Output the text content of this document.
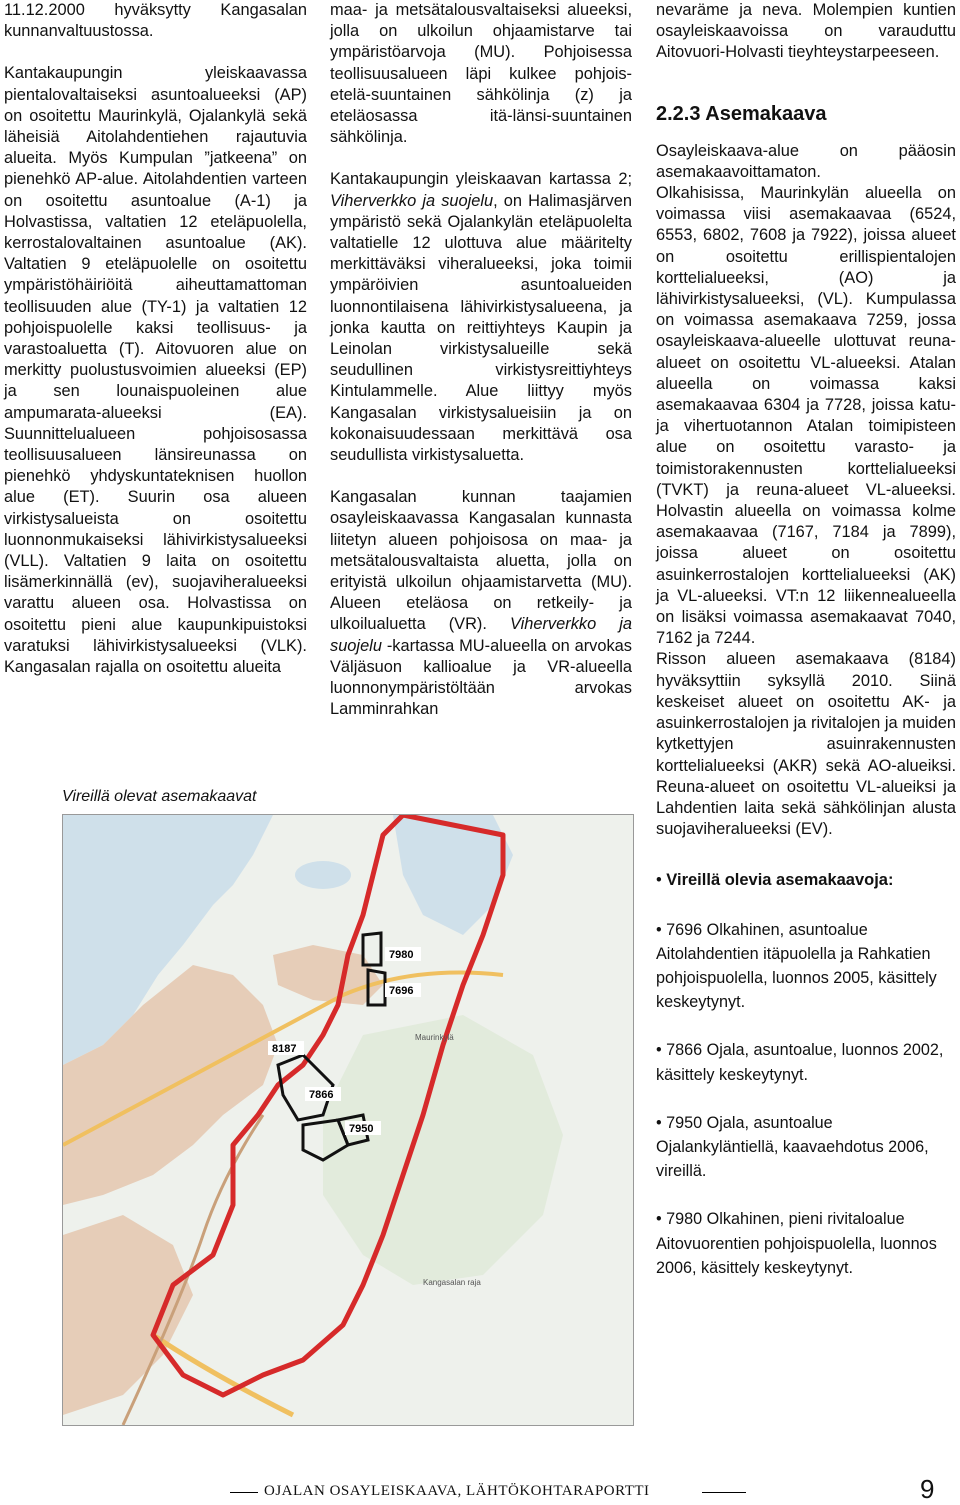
11.12.2000 hyväksytty Kangasalan kunnanvaltuustossa.

Kantakaupungin yleiskaavassa pientalovaltaiseksi asuntoalueeksi (AP) on osoitettu Maurinkylä, Ojalankylä sekä läheisiä Aitolahdentiehen rajautuvia alueita. Myös Kumpulan ”jatkeena” on pienehkö AP-alue. Aitolahdentien varteen on osoitettu asuntoalue (A-1) ja Holvastissa, valtatien 12 eteläpuolella, kerrostalovaltainen asuntoalue (AK). Valtatien 9 eteläpuolelle on osoitettu ympäristöhäiriöitä aiheuttamattoman teollisuuden alue (TY-1) ja valtatien 12 pohjoispuolelle kaksi teollisuus- ja varastoaluetta (T). Aitovuoren alue on merkitty puolustusvoimien alueeksi (EP) ja sen lounaispuoleinen alue ampumarata-alueeksi (EA). Suunnittelualueen pohjoisosassa teollisuusalueen länsireunassa on pienehkö yhdyskuntateknisen huollon alue (ET). Suurin osa alueen virkistysalueista on osoitettu luonnonmukaiseksi lähivirkistysalueeksi (VLL). Valtatien 9 laita on osoitettu lisämerkinnällä (ev), suojaviheralueeksi varattu alueen osa. Holvastissa on osoitettu pieni alue kaupunkipuistoksi varatuksi lähivirkistysalueeksi (VLK). Kangasalan rajalla on osoitettu alueita

maa- ja metsätalousvaltaiseksi alueeksi, jolla on ulkoilun ohjaamistarve tai ympäristöarvoja (MU). Pohjoisessa teollisuusalueen läpi kulkee pohjois-etelä-suuntainen sähkölinja (z) ja eteläosassa itä-länsi-suuntainen sähkölinja.

Kantakaupungin yleiskaavan kartassa 2; Viherverkko ja suojelu, on Halimasjärven ympäristö sekä Ojalankylän eteläpuolelta valtatielle 12 ulottuva alue määritelty merkittäväksi viheralueeksi, joka toimii ympäröivien asuntoalueiden luonnontilaisena lähivirkistysalueena, ja jonka kautta on reittiyhteys Kaupin ja Leinolan virkistysalueille sekä seudullinen virkistysreittiyhteys Kintulammelle. Alue liittyy myös Kangasalan virkistysalueisiin ja on kokonaisuudessaan merkittävä osa seudullista virkistysaluetta.

Kangasalan kunnan taajamien osayleiskaavassa Kangasalan kunnasta liitetyn alueen pohjoisosa on maa- ja metsätalousvaltaista aluetta, jolla on erityistä ulkoilun ohjaamistarvetta (MU). Alueen eteläosa on retkeily- ja ulkoilualuetta (VR). Viherverkko ja suojelu -kartassa MU-alueella on arvokas Väljäsuon kallioalue ja VR-alueella luonnonympäristöltään arvokas Lamminrahkan

nevaräme ja neva. Molempien kuntien osayleiskaavoissa on varauduttu Aitovuori-Holvasti tieyhteystarpeeseen.

2.2.3 Asemakaava

Osayleiskaava-alue on pääosin asemakaavoittamaton.

Olkahisissa, Maurinkylän alueella on voimassa viisi asemakaavaa (6524, 6553, 6802, 7608 ja 7922), joissa alueet on osoitettu erillispientalojen korttelialueeksi, (AO) ja lähivirkistysalueeksi, (VL). Kumpulassa on voimassa asemakaava 7259, jossa osayleiskaava-alueelle ulottuvat reuna-alueet on osoitettu VL-alueeksi. Atalan alueella on voimassa kaksi asemakaavaa 6304 ja 7728, joissa katu- ja vihertuotannon Atalan toimipisteen alue on osoitettu varasto- ja toimistorakennusten korttelialueeksi (TVKT) ja reuna-alueet VL-alueeksi. Holvastin alueella on voimassa kolme asemakaavaa (7167, 7184 ja 7899), joissa alueet on osoitettu asuinkerrostalojen korttelialueeksi (AK) ja VL-alueeksi. VT:n 12 liikennealueella on lisäksi voimassa asemakaavat 7040, 7162 ja 7244.

Risson alueen asemakaava (8184) hyväksyttiin syksyllä 2010. Siinä keskeiset alueet on osoitettu AK- ja asuinkerrostalojen ja rivitalojen ja muiden kytkettyjen asuinrakennusten korttelialueeksi (AKR) sekä AO-alueiksi. Reuna-alueet on osoitettu VL-alueiksi ja Lahdentien laita sekä sähkölinjan alusta suojaviheralueeksi (EV).

• Vireillä olevia asemakaavoja:

• 7696 Olkahinen, asuntoalue Aitolahdentien itäpuolella ja Rahkatien pohjoispuolella, luonnos 2005, käsittely keskeytynyt.

• 7866 Ojala, asuntoalue, luonnos 2002, käsittely keskeytynyt.

• 7950 Ojala, asuntoalue Ojalankyläntiellä, kaavaehdotus 2006, vireillä.

• 7980 Olkahinen, pieni rivitaloalue Aitovuorentien pohjoispuolella, luonnos 2006, käsittely keskeytynyt.

Vireillä olevat asemakaavat
7980
7696
8187
7866
7950
Maurinkylä
Kangasalan raja
OJALAN OSAYLEISKAAVA, LÄHTÖKOHTARAPORTTI	9
